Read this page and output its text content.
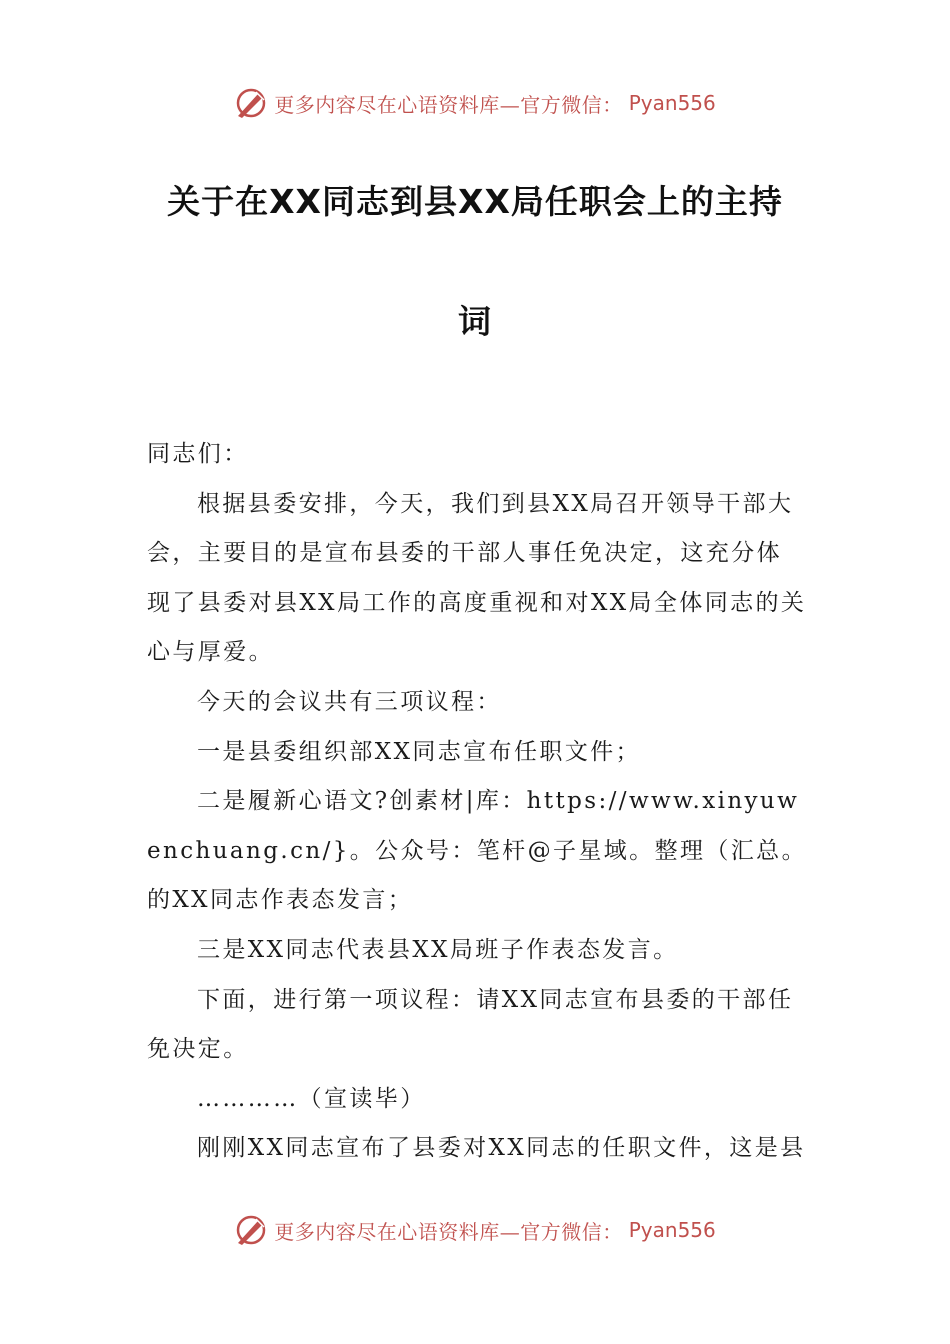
更多内容尽在心语资料库—官方微信： Pyan556
关于在XX同志到县XX局任职会上的主持
词

同志们：

根据县委安排，今天，我们到县XX局召开领导干部大会，主要目的是宣布县委的干部人事任免决定，这充分体现了县委对县XX局工作的高度重视和对XX局全体同志的关心与厚爱。

今天的会议共有三项议程：

一是县委组织部XX同志宣布任职文件；

二是履新心语文?创素材|库：https://www.xinyuwenchuang.cn/}。公众号：笔杆@子星域。整理（汇总。的XX同志作表态发言；

三是XX同志代表县XX局班子作表态发言。

下面，进行第一项议程：请XX同志宣布县委的干部任免决定。

…………（宣读毕）

刚刚XX同志宣布了县委对XX同志的任职文件，这是县

更多内容尽在心语资料库—官方微信： Pyan556
